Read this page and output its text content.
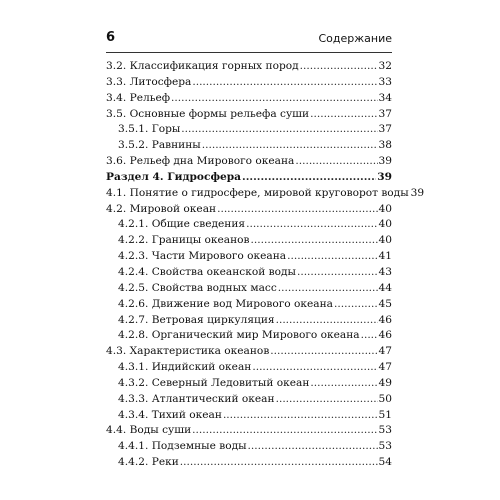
6	Содержание
3.2. Классификация горных пород .....	32
3.3. Литосфера .....	33
3.4. Рельеф .....	34
3.5. Основные формы рельефа суши .....	37
3.5.1. Горы .....	37
3.5.2. Равнины .....	38
3.6. Рельеф дна Мирового океана .....	39
Раздел 4. Гидросфера .....	39
4.1. Понятие о гидросфере, мировой круговорот воды 39
4.2. Мировой океан .....	40
4.2.1. Общие сведения .....	40
4.2.2. Границы океанов .....	40
4.2.3. Части Мирового океана .....	41
4.2.4. Свойства океанской воды .....	43
4.2.5. Свойства водных масс .....	44
4.2.6. Движение вод Мирового океана .....	45
4.2.7. Ветровая циркуляция .....	46
4.2.8. Органический мир Мирового океана ..... 46
4.3. Характеристика океанов .....	47
4.3.1. Индийский океан .....	47
4.3.2. Северный Ледовитый океан .....	49
4.3.3. Атлантический океан .....	50
4.3.4. Тихий океан .....	51
4.4. Воды суши .....	53
4.4.1. Подземные воды .....	53
4.4.2. Реки .....	54
